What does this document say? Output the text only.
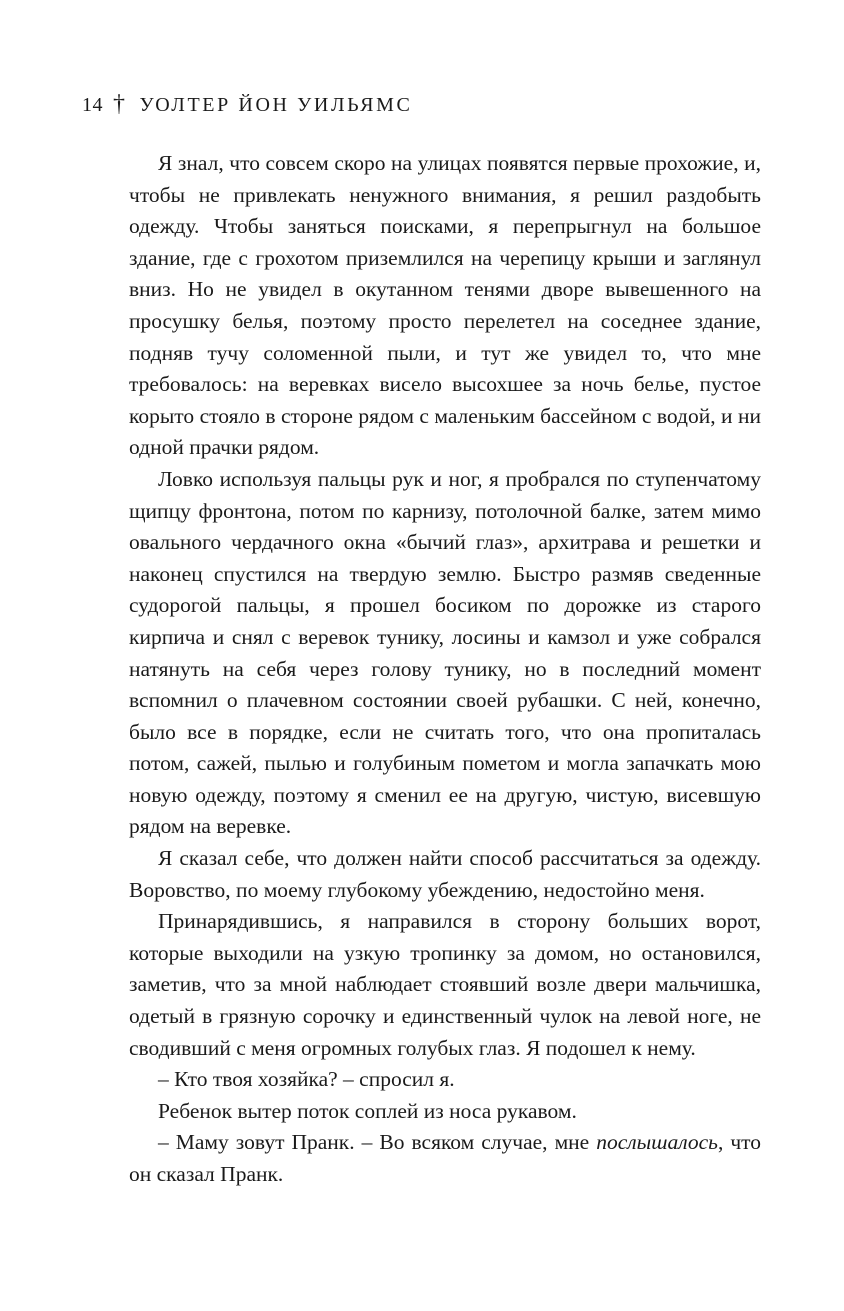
14 † УОЛТЕР ЙОН УИЛЬЯМС

Я знал, что совсем скоро на улицах появятся первые прохожие, и, чтобы не привлекать ненужного внимания, я решил раздобыть одежду. Чтобы заняться поисками, я перепрыгнул на большое здание, где с грохотом приземлился на черепицу крыши и заглянул вниз. Но не увидел в окутанном тенями дворе вывешенного на просушку белья, поэтому просто перелетел на соседнее здание, подняв тучу соломенной пыли, и тут же увидел то, что мне требовалось: на веревках висело высохшее за ночь белье, пустое корыто стояло в стороне рядом с маленьким бассейном с водой, и ни одной прачки рядом.

Ловко используя пальцы рук и ног, я пробрался по ступенчатому щипцу фронтона, потом по карнизу, потолочной балке, затем мимо овального чердачного окна «бычий глаз», архитрава и решетки и наконец спустился на твердую землю. Быстро размяв сведенные судорогой пальцы, я прошел босиком по дорожке из старого кирпича и снял с веревок тунику, лосины и камзол и уже собрался натянуть на себя через голову тунику, но в последний момент вспомнил о плачевном состоянии своей рубашки. С ней, конечно, было все в порядке, если не считать того, что она пропиталась потом, сажей, пылью и голубиным пометом и могла запачкать мою новую одежду, поэтому я сменил ее на другую, чистую, висевшую рядом на веревке.

Я сказал себе, что должен найти способ рассчитаться за одежду. Воровство, по моему глубокому убеждению, недостойно меня.

Принарядившись, я направился в сторону больших ворот, которые выходили на узкую тропинку за домом, но остановился, заметив, что за мной наблюдает стоявший возле двери мальчишка, одетый в грязную сорочку и единственный чулок на левой ноге, не сводивший с меня огромных голубых глаз. Я подошел к нему.

– Кто твоя хозяйка? – спросил я.

Ребенок вытер поток соплей из носа рукавом.

– Маму зовут Пранк. – Во всяком случае, мне послышалось, что он сказал Пранк.
